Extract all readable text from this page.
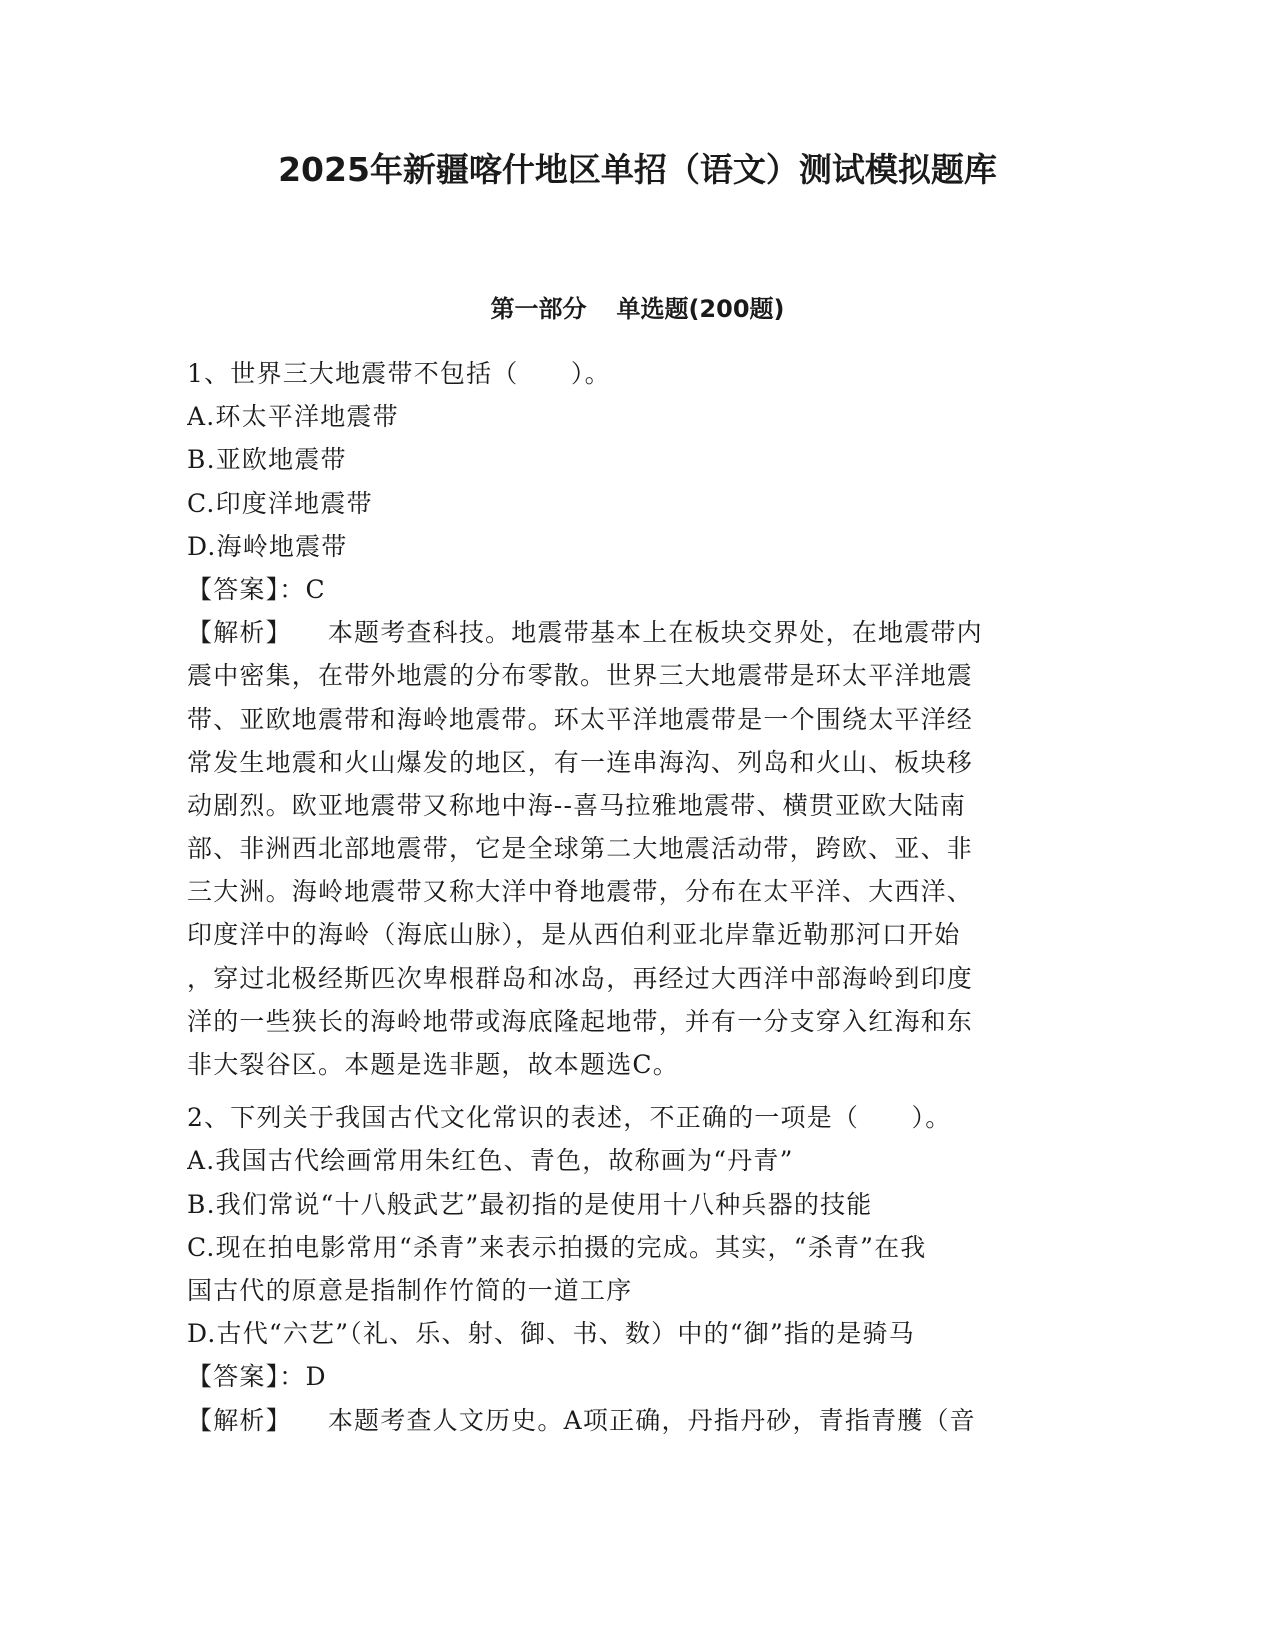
2025年新疆喀什地区单招（语文）测试模拟题库
第一部分 单选题(200题)
1、世界三大地震带不包括（　　）。
A.环太平洋地震带
B.亚欧地震带
C.印度洋地震带
D.海岭地震带
【答案】：C
【解析】 本题考查科技。地震带基本上在板块交界处，在地震带内
震中密集，在带外地震的分布零散。世界三大地震带是环太平洋地震
带、亚欧地震带和海岭地震带。环太平洋地震带是一个围绕太平洋经
常发生地震和火山爆发的地区，有一连串海沟、列岛和火山、板块移
动剧烈。欧亚地震带又称地中海--喜马拉雅地震带、横贯亚欧大陆南
部、非洲西北部地震带，它是全球第二大地震活动带，跨欧、亚、非
三大洲。海岭地震带又称大洋中脊地震带，分布在太平洋、大西洋、
印度洋中的海岭（海底山脉），是从西伯利亚北岸靠近勒那河口开始
，穿过北极经斯匹次卑根群岛和冰岛，再经过大西洋中部海岭到印度
洋的一些狭长的海岭地带或海底隆起地带，并有一分支穿入红海和东
非大裂谷区。本题是选非题，故本题选C。
2、下列关于我国古代文化常识的表述，不正确的一项是（　　）。
A.我国古代绘画常用朱红色、青色，故称画为“丹青”
B.我们常说“十八般武艺”最初指的是使用十八种兵器的技能
C.现在拍电影常用“杀青”来表示拍摄的完成。其实，“杀青”在我
国古代的原意是指制作竹简的一道工序
D.古代“六艺”（礼、乐、射、御、书、数）中的“御”指的是骑马
【答案】：D
【解析】 本题考查人文历史。A项正确，丹指丹砂，青指青雘（音
